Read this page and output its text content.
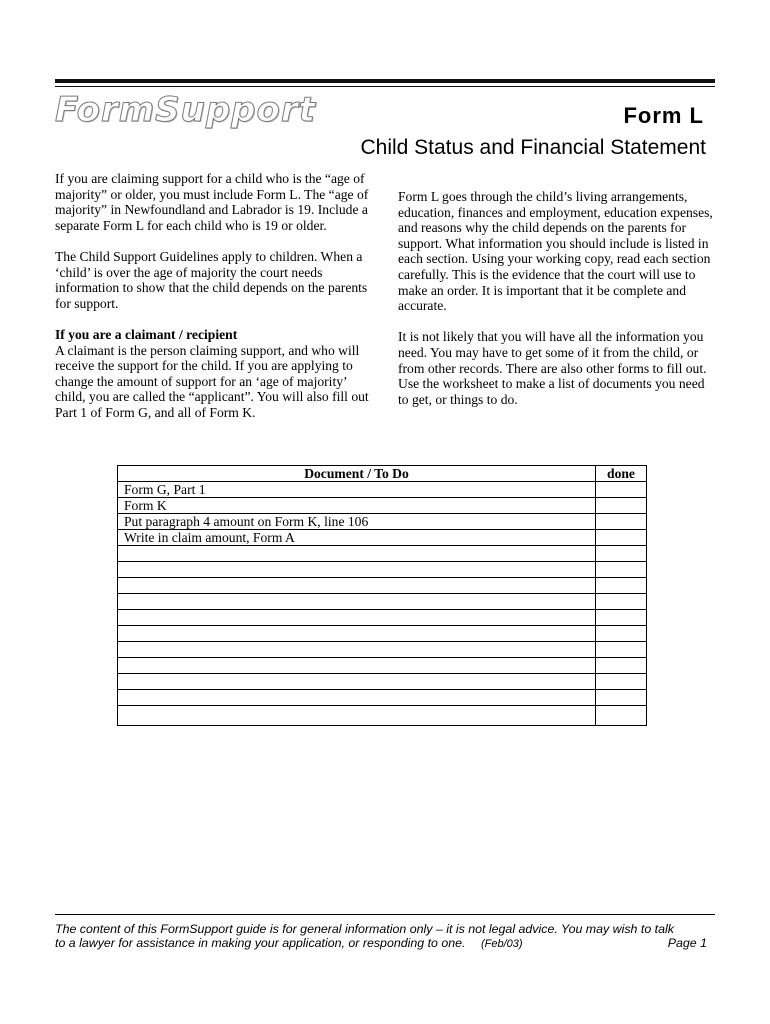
FormSupport	Form L
Child Status and Financial Statement

If you are claiming support for a child who is the “age of majority” or older, you must include Form L. The “age of majority” in Newfoundland and Labrador is 19. Include a separate Form L for each child who is 19 or older.

The Child Support Guidelines apply to children. When a ‘child’ is over the age of majority the court needs information to show that the child depends on the parents for support.

If you are a claimant / recipient

A claimant is the person claiming support, and who will receive the support for the child. If you are applying to change the amount of support for an ‘age of majority’ child, you are called the “applicant”. You will also fill out Part 1 of Form G, and all of Form K.

Form L goes through the child’s living arrangements, education, finances and employment, education expenses, and reasons why the child depends on the parents for support. What information you should include is listed in each section. Using your working copy, read each section carefully. This is the evidence that the court will use to make an order. It is important that it be complete and accurate.

It is not likely that you will have all the information you need. You may have to get some of it from the child, or from other records. There are also other forms to fill out. Use the worksheet to make a list of documents you need to get, or things to do.

Document / To Do	done
Form G, Part 1	
Form K	
Put paragraph 4 amount on Form K, line 106	
Write in claim amount, Form A	

The content of this FormSupport guide is for general information only – it is not legal advice. You may wish to talk
to a lawyer for assistance in making your application, or responding to one. (Feb/03)	Page 1
